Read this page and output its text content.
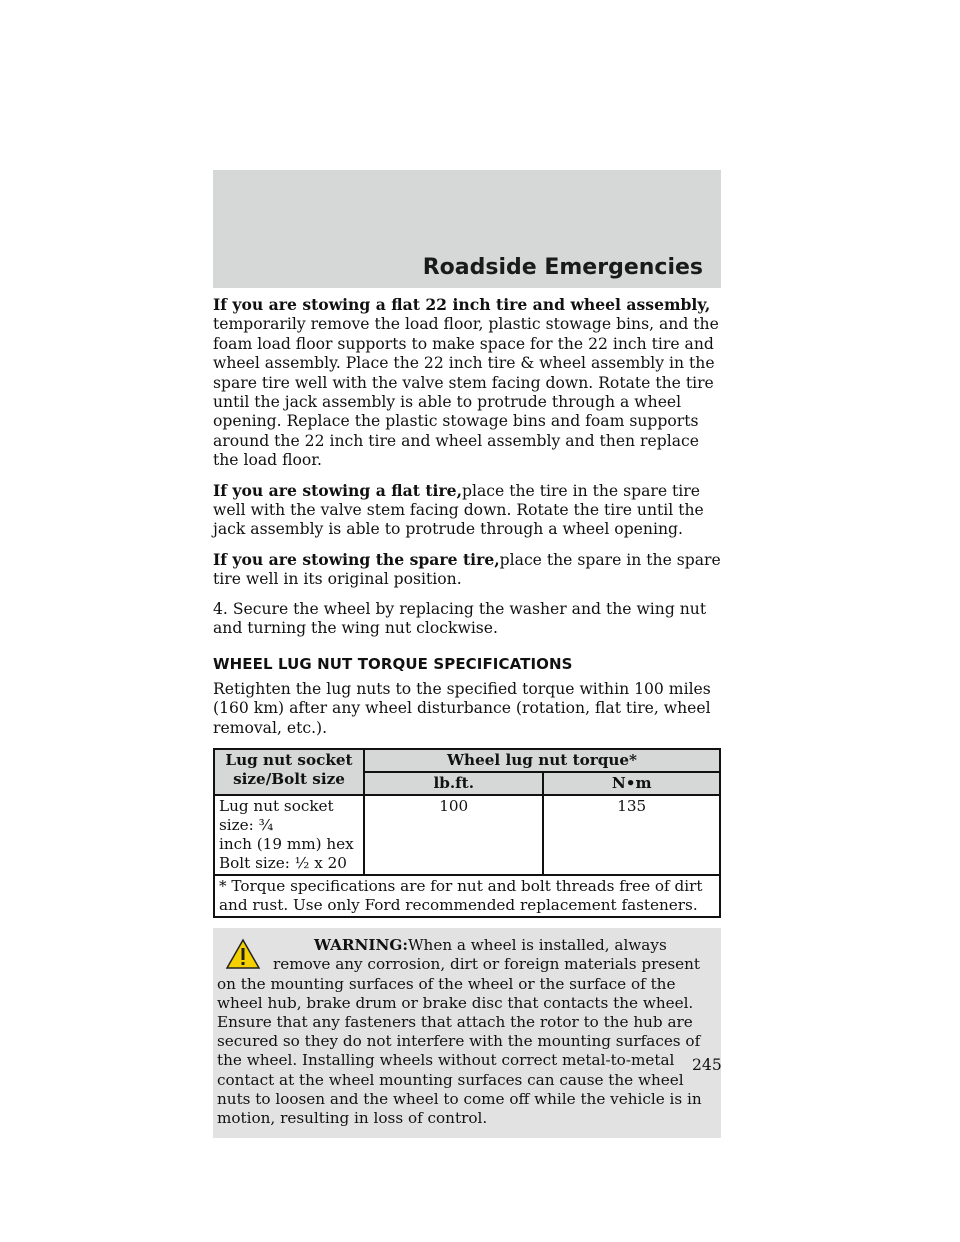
Roadside Emergencies

If you are stowing a flat 22 inch tire and wheel assembly, temporarily remove the load floor, plastic stowage bins, and the foam load floor supports to make space for the 22 inch tire and wheel assembly. Place the 22 inch tire & wheel assembly in the spare tire well with the valve stem facing down. Rotate the tire until the jack assembly is able to protrude through a wheel opening. Replace the plastic stowage bins and foam supports around the 22 inch tire and wheel assembly and then replace the load floor.

If you are stowing a flat tire,place the tire in the spare tire well with the valve stem facing down. Rotate the tire until the jack assembly is able to protrude through a wheel opening.

If you are stowing the spare tire,place the spare in the spare tire well in its original position.

4. Secure the wheel by replacing the washer and the wing nut and turning the wing nut clockwise.

WHEEL LUG NUT TORQUE SPECIFICATIONS

Retighten the lug nuts to the specified torque within 100 miles (160 km) after any wheel disturbance (rotation, flat tire, wheel removal, etc.).

Lug nut socket
size/Bolt size	Wheel lug nut torque*	
	lb.ft.	N•m
Lug nut socket size: ¾
inch (19 mm) hex
Bolt size: ½ x 20	100	135
* Torque specifications are for nut and bolt threads free of dirt and rust. Use only Ford recommended replacement fasteners.		
WARNING:When a wheel is installed, always remove any corrosion, dirt or foreign materials present on the mounting surfaces of the wheel or the surface of the wheel hub, brake drum or brake disc that contacts the wheel. Ensure that any fasteners that attach the rotor to the hub are secured so they do not interfere with the mounting surfaces of the wheel. Installing wheels without correct metal-to-metal contact at the wheel mounting surfaces can cause the wheel nuts to loosen and the wheel to come off while the vehicle is in motion, resulting in loss of control.
245
